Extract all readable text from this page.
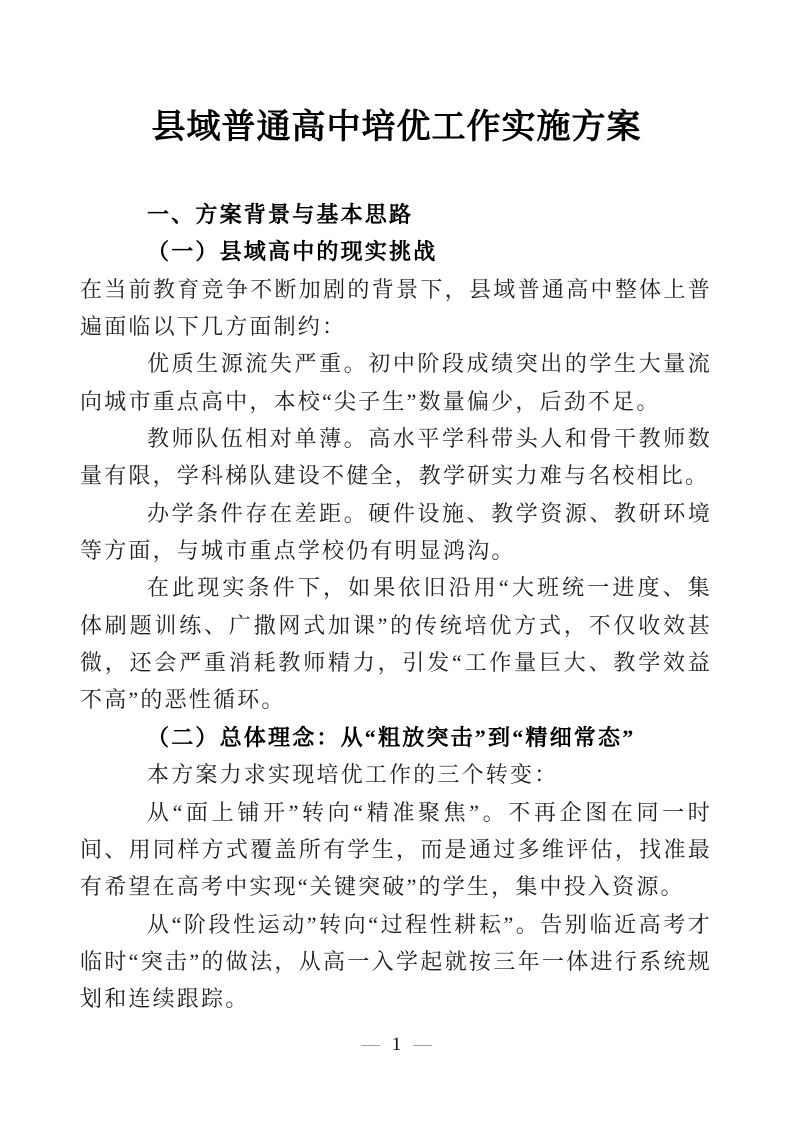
县域普通高中培优工作实施方案
一、方案背景与基本思路
（一）县域高中的现实挑战

在当前教育竞争不断加剧的背景下，县域普通高中整体上普遍面临以下几方面制约：

优质生源流失严重。初中阶段成绩突出的学生大量流向城市重点高中，本校“尖子生”数量偏少，后劲不足。

教师队伍相对单薄。高水平学科带头人和骨干教师数量有限，学科梯队建设不健全，教学研实力难与名校相比。

办学条件存在差距。硬件设施、教学资源、教研环境等方面，与城市重点学校仍有明显鸿沟。

在此现实条件下，如果依旧沿用“大班统一进度、集体刷题训练、广撒网式加课”的传统培优方式，不仅收效甚微，还会严重消耗教师精力，引发“工作量巨大、教学效益不高”的恶性循环。

（二）总体理念：从“粗放突击”到“精细常态”

本方案力求实现培优工作的三个转变：

从“面上铺开”转向“精准聚焦”。不再企图在同一时间、用同样方式覆盖所有学生，而是通过多维评估，找准最有希望在高考中实现“关键突破”的学生，集中投入资源。

从“阶段性运动”转向“过程性耕耘”。告别临近高考才临时“突击”的做法，从高一入学起就按三年一体进行系统规划和连续跟踪。

— 1 —
